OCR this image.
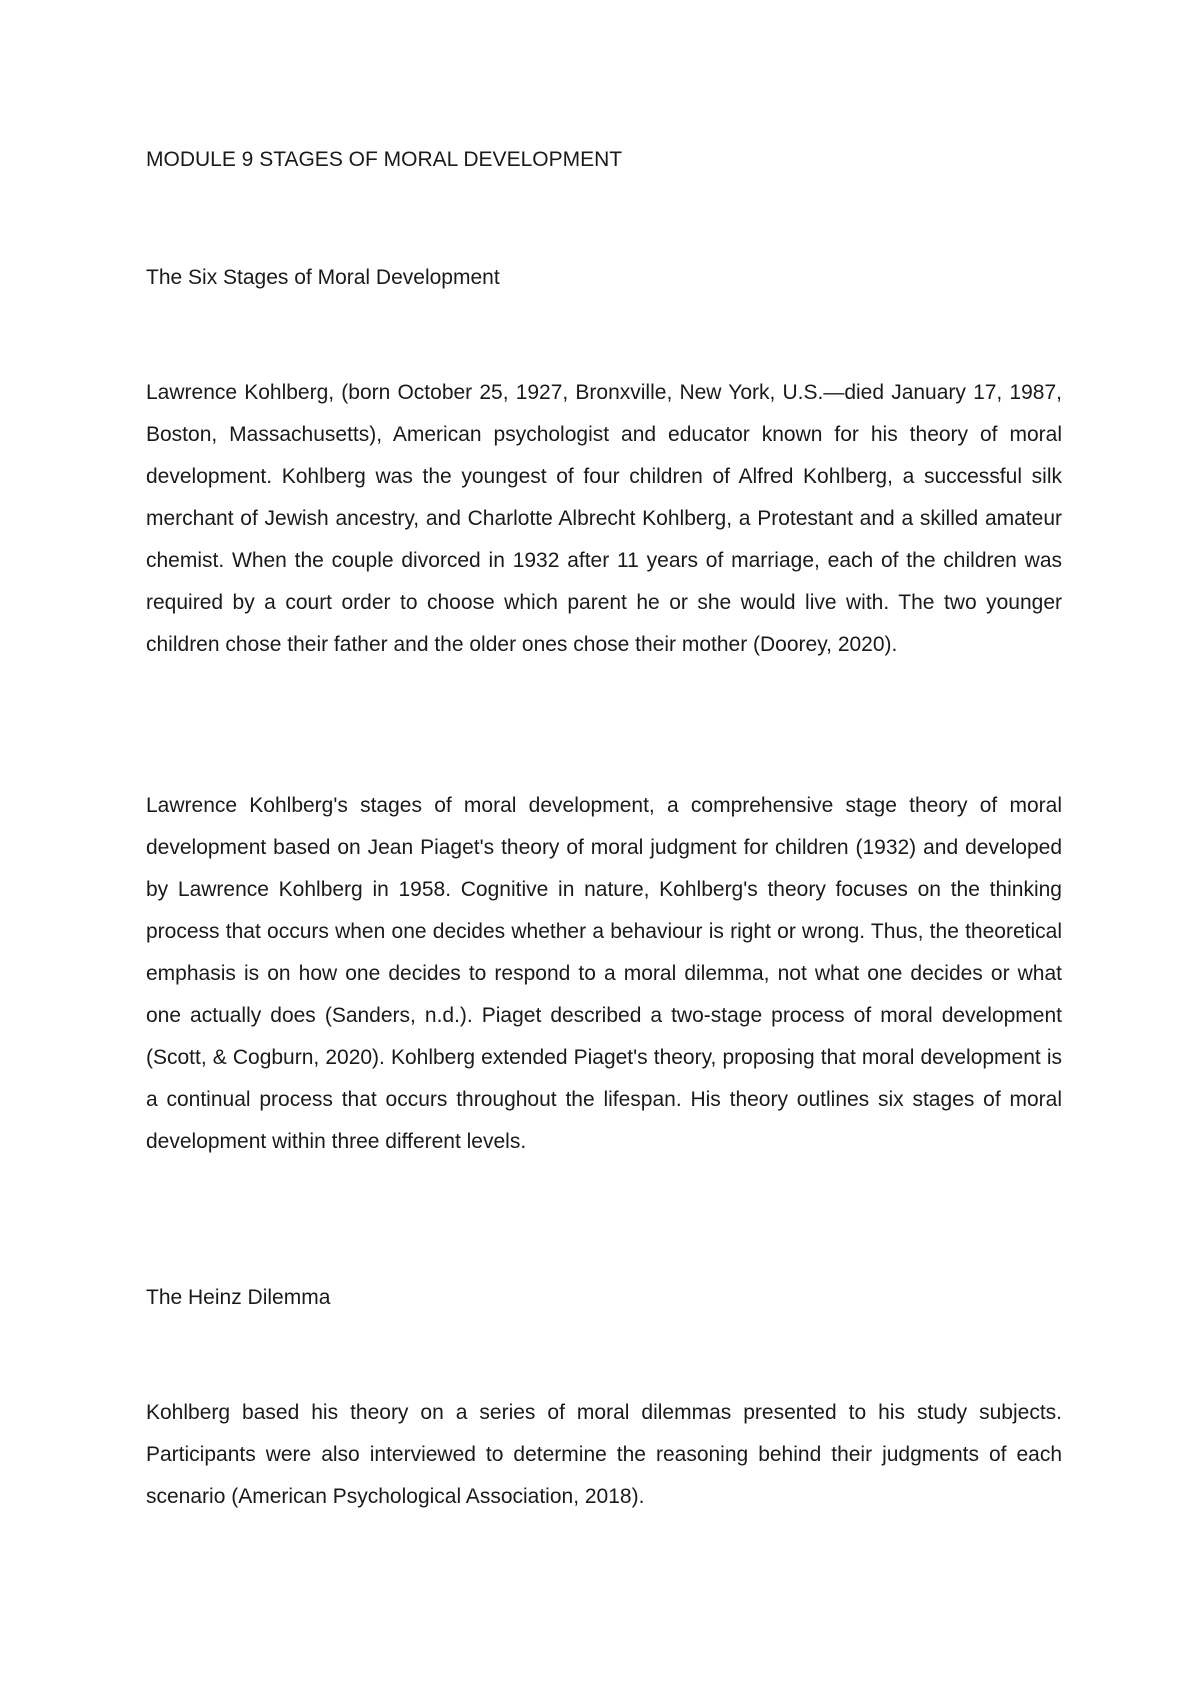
MODULE 9 STAGES OF MORAL DEVELOPMENT

The Six Stages of Moral Development

Lawrence Kohlberg, (born October 25, 1927, Bronxville, New York, U.S.—died January 17, 1987, Boston, Massachusetts), American psychologist and educator known for his theory of moral development. Kohlberg was the youngest of four children of Alfred Kohlberg, a successful silk merchant of Jewish ancestry, and Charlotte Albrecht Kohlberg, a Protestant and a skilled amateur chemist. When the couple divorced in 1932 after 11 years of marriage, each of the children was required by a court order to choose which parent he or she would live with. The two younger children chose their father and the older ones chose their mother (Doorey, 2020).

Lawrence Kohlberg's stages of moral development, a comprehensive stage theory of moral development based on Jean Piaget's theory of moral judgment for children (1932) and developed by Lawrence Kohlberg in 1958. Cognitive in nature, Kohlberg's theory focuses on the thinking process that occurs when one decides whether a behaviour is right or wrong. Thus, the theoretical emphasis is on how one decides to respond to a moral dilemma, not what one decides or what one actually does (Sanders, n.d.). Piaget described a two-stage process of moral development (Scott, & Cogburn, 2020). Kohlberg extended Piaget's theory, proposing that moral development is a continual process that occurs throughout the lifespan. His theory outlines six stages of moral development within three different levels.

The Heinz Dilemma

Kohlberg based his theory on a series of moral dilemmas presented to his study subjects. Participants were also interviewed to determine the reasoning behind their judgments of each scenario (American Psychological Association, 2018).
